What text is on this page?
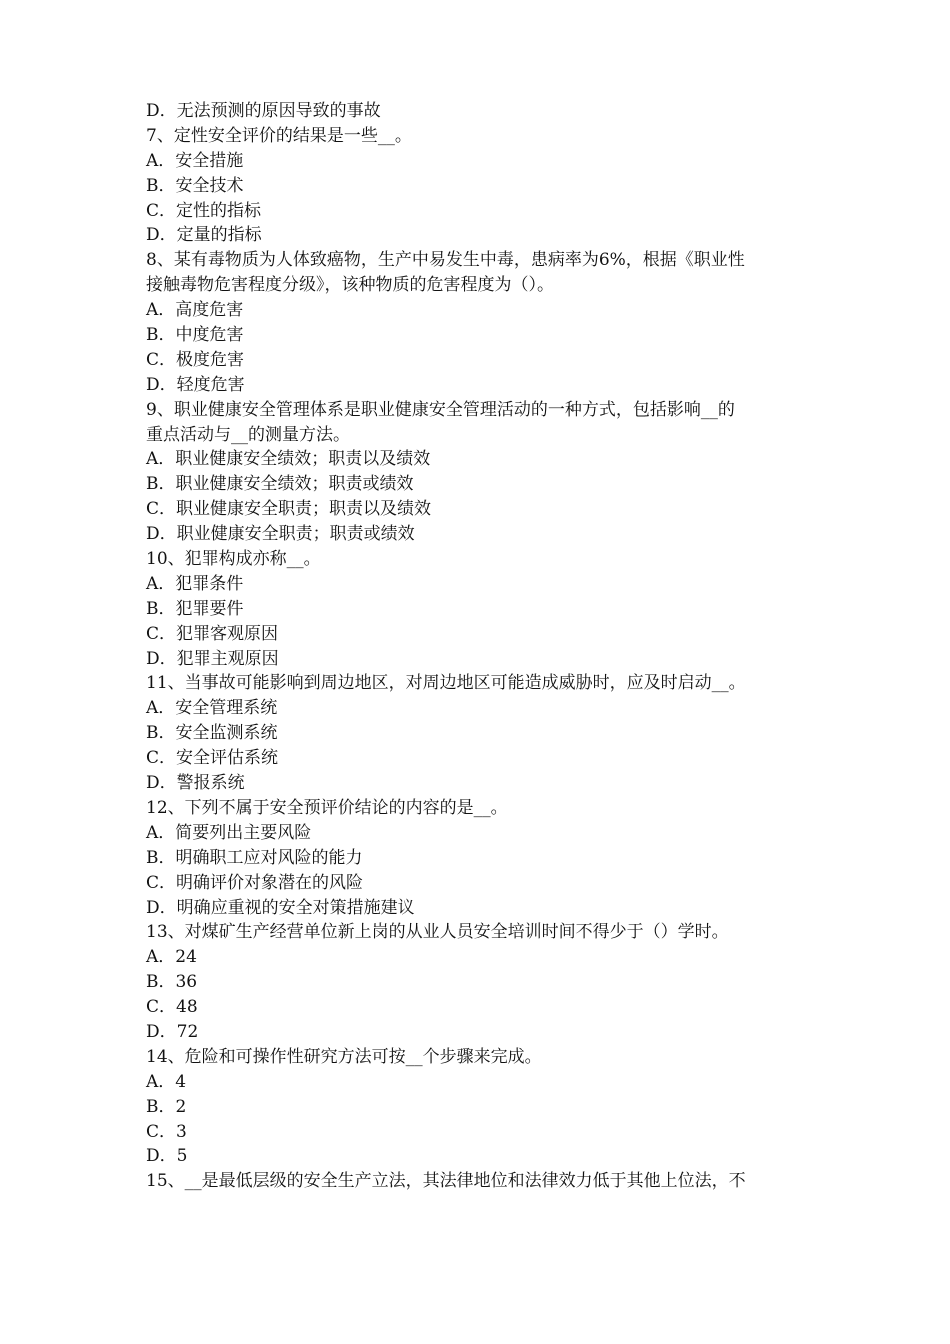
D．无法预测的原因导致的事故
7、定性安全评价的结果是一些__。
A．安全措施
B．安全技术
C．定性的指标
D．定量的指标
8、某有毒物质为人体致癌物，生产中易发生中毒，患病率为6%，根据《职业性
接触毒物危害程度分级》，该种物质的危害程度为（）。
A．高度危害
B．中度危害
C．极度危害
D．轻度危害
9、职业健康安全管理体系是职业健康安全管理活动的一种方式，包括影响__的
重点活动与__的测量方法。
A．职业健康安全绩效；职责以及绩效
B．职业健康安全绩效；职责或绩效
C．职业健康安全职责；职责以及绩效
D．职业健康安全职责；职责或绩效
10、犯罪构成亦称__。
A．犯罪条件
B．犯罪要件
C．犯罪客观原因
D．犯罪主观原因
11、当事故可能影响到周边地区，对周边地区可能造成威胁时，应及时启动__。
A．安全管理系统
B．安全监测系统
C．安全评估系统
D．警报系统
12、下列不属于安全预评价结论的内容的是__。
A．简要列出主要风险
B．明确职工应对风险的能力
C．明确评价对象潜在的风险
D．明确应重视的安全对策措施建议
13、对煤矿生产经营单位新上岗的从业人员安全培训时间不得少于（）学时。
A．24
B．36
C．48
D．72
14、危险和可操作性研究方法可按__个步骤来完成。
A．4
B．2
C．3
D．5
15、__是最低层级的安全生产立法，其法律地位和法律效力低于其他上位法，不
